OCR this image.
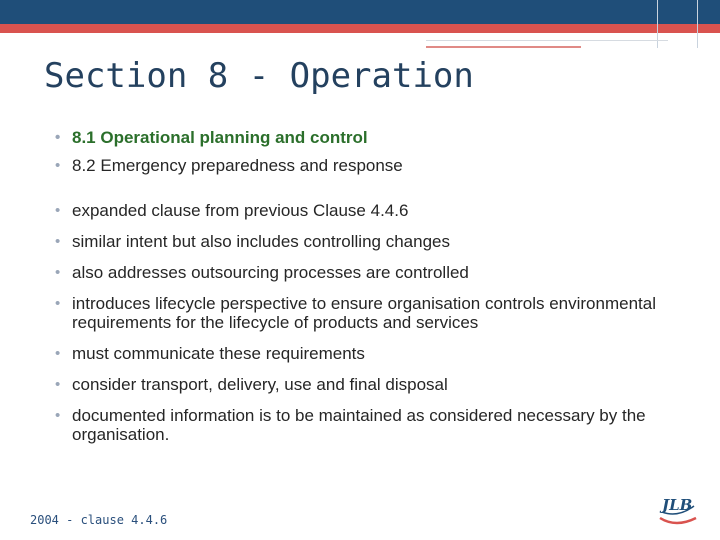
Section 8 - Operation
• 8.1 Operational planning and control
• 8.2 Emergency preparedness and response
• expanded clause from previous Clause 4.4.6
• similar intent but also includes controlling changes
• also addresses outsourcing processes are controlled
• introduces lifecycle perspective to ensure organisation controls environmental requirements for the lifecycle of products and services
• must communicate these requirements
• consider transport, delivery, use and final disposal
• documented information is to be maintained as considered necessary by the organisation.
2004 - clause 4.4.6
JLB
